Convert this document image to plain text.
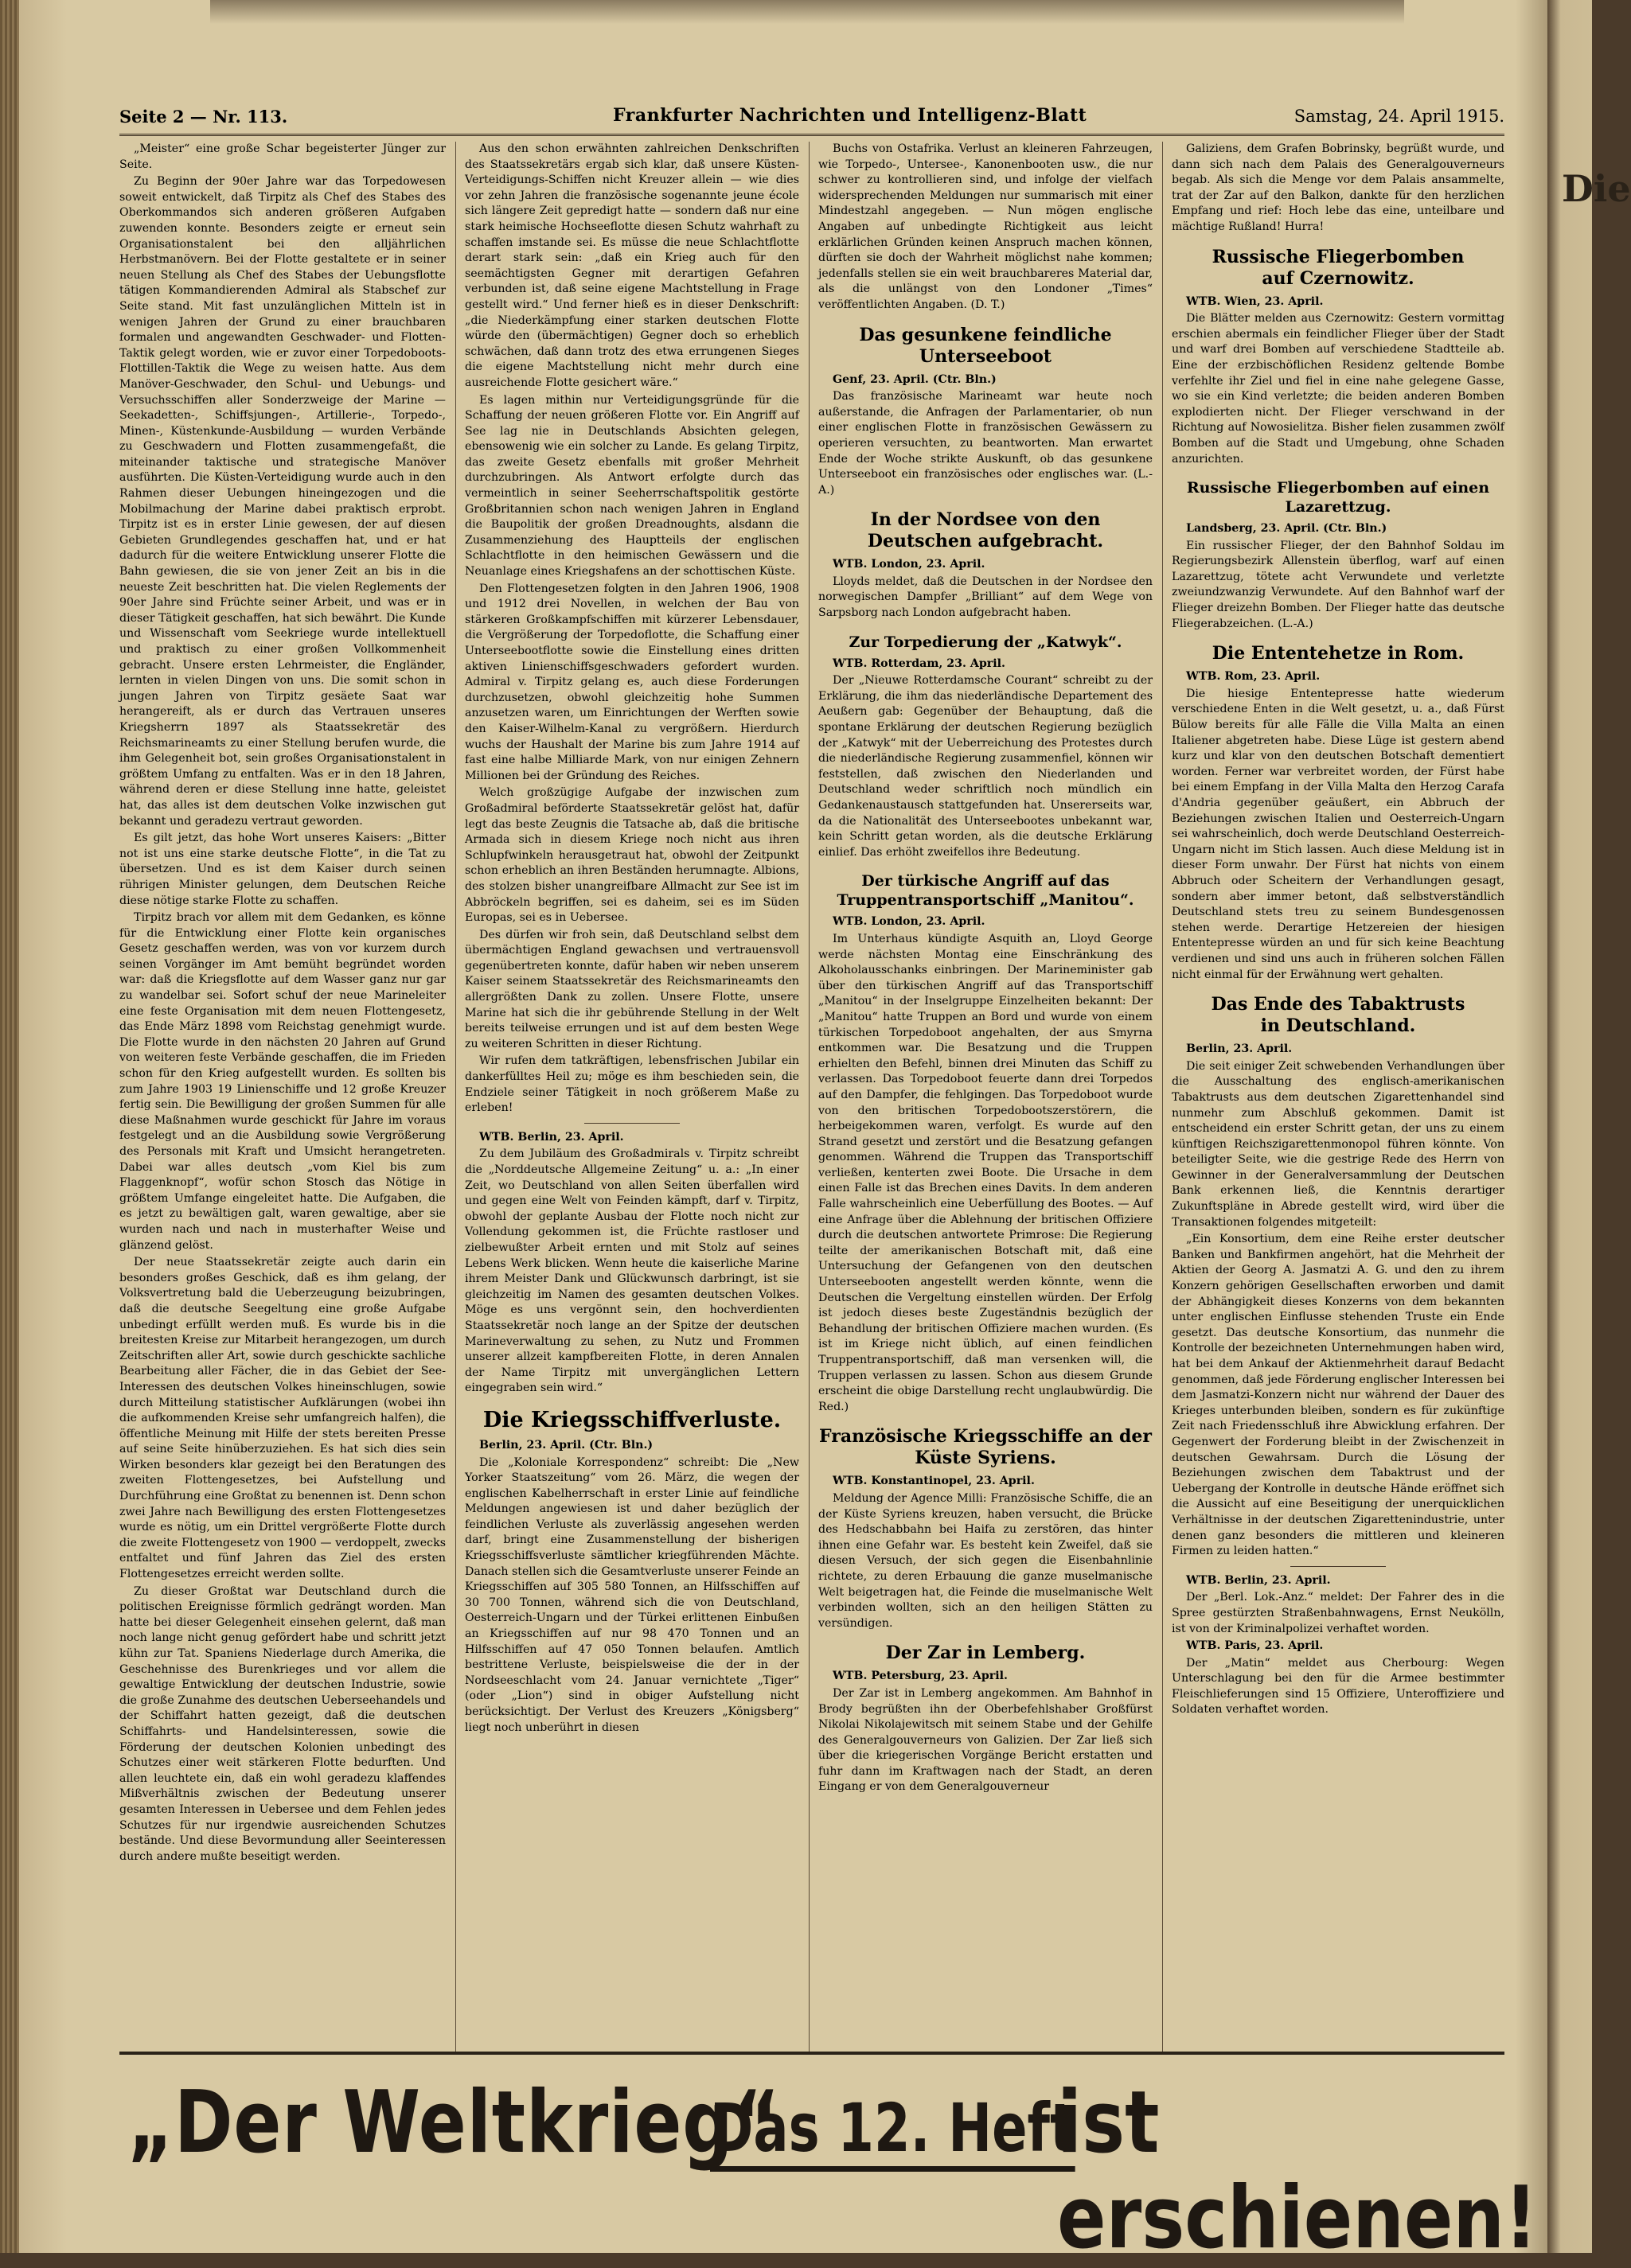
Die
Seite 2 — Nr. 113.	Frankfurter Nachrichten und Intelligenz-Blatt	Samstag, 24. April 1915.

„Meister“ eine große Schar begeisterter Jünger zur Seite.

Zu Beginn der 90er Jahre war das Torpedowesen soweit entwickelt, daß Tirpitz als Chef des Stabes des Oberkommandos sich anderen größeren Aufgaben zuwenden konnte. Besonders zeigte er erneut sein Organisationstalent bei den alljährlichen Herbstmanövern. Bei der Flotte gestaltete er in seiner neuen Stellung als Chef des Stabes der Uebungsflotte tätigen Kommandierenden Admiral als Stabschef zur Seite stand. Mit fast unzulänglichen Mitteln ist in wenigen Jahren der Grund zu einer brauchbaren formalen und angewandten Geschwader- und Flotten-Taktik gelegt worden, wie er zuvor einer Torpedoboots-Flottillen-Taktik die Wege zu weisen hatte. Aus dem Manöver-Geschwader, den Schul- und Uebungs- und Versuchsschiffen aller Sonderzweige der Marine — Seekadetten-, Schiffsjungen-, Artillerie-, Torpedo-, Minen-, Küstenkunde-Ausbildung — wurden Verbände zu Geschwadern und Flotten zusammengefaßt, die miteinander taktische und strategische Manöver ausführten. Die Küsten-Verteidigung wurde auch in den Rahmen dieser Uebungen hineingezogen und die Mobilmachung der Marine dabei praktisch erprobt. Tirpitz ist es in erster Linie gewesen, der auf diesen Gebieten Grundlegendes geschaffen hat, und er hat dadurch für die weitere Entwicklung unserer Flotte die Bahn gewiesen, die sie von jener Zeit an bis in die neueste Zeit beschritten hat. Die vielen Reglements der 90er Jahre sind Früchte seiner Arbeit, und was er in dieser Tätigkeit geschaffen, hat sich bewährt. Die Kunde und Wissenschaft vom Seekriege wurde intellektuell und praktisch zu einer großen Vollkommenheit gebracht. Unsere ersten Lehrmeister, die Engländer, lernten in vielen Dingen von uns. Die somit schon in jungen Jahren von Tirpitz gesäete Saat war herangereift, als er durch das Vertrauen unseres Kriegsherrn 1897 als Staatssekretär des Reichsmarineamts zu einer Stellung berufen wurde, die ihm Gelegenheit bot, sein großes Organisationstalent in größtem Umfang zu entfalten. Was er in den 18 Jahren, während deren er diese Stellung inne hatte, geleistet hat, das alles ist dem deutschen Volke inzwischen gut bekannt und geradezu vertraut geworden.

Es gilt jetzt, das hohe Wort unseres Kaisers: „Bitter not ist uns eine starke deutsche Flotte“, in die Tat zu übersetzen. Und es ist dem Kaiser durch seinen rührigen Minister gelungen, dem Deutschen Reiche diese nötige starke Flotte zu schaffen.

Tirpitz brach vor allem mit dem Gedanken, es könne für die Entwicklung einer Flotte kein organisches Gesetz geschaffen werden, was von vor kurzem durch seinen Vorgänger im Amt bemüht begründet worden war: daß die Kriegsflotte auf dem Wasser ganz nur gar zu wandelbar sei. Sofort schuf der neue Marineleiter eine feste Organisation mit dem neuen Flottengesetz, das Ende März 1898 vom Reichstag genehmigt wurde. Die Flotte wurde in den nächsten 20 Jahren auf Grund von weiteren feste Verbände geschaffen, die im Frieden schon für den Krieg aufgestellt wurden. Es sollten bis zum Jahre 1903 19 Linienschiffe und 12 große Kreuzer fertig sein. Die Bewilligung der großen Summen für alle diese Maßnahmen wurde geschickt für Jahre im voraus festgelegt und an die Ausbildung sowie Vergrößerung des Personals mit Kraft und Umsicht herangetreten. Dabei war alles deutsch „vom Kiel bis zum Flaggenknopf“, wofür schon Stosch das Nötige in größtem Umfange eingeleitet hatte. Die Aufgaben, die es jetzt zu bewältigen galt, waren gewaltige, aber sie wurden nach und nach in musterhafter Weise und glänzend gelöst.

Der neue Staatssekretär zeigte auch darin ein besonders großes Geschick, daß es ihm gelang, der Volksvertretung bald die Ueberzeugung beizubringen, daß die deutsche Seegeltung eine große Aufgabe unbedingt erfüllt werden muß. Es wurde bis in die breitesten Kreise zur Mitarbeit herangezogen, um durch Zeitschriften aller Art, sowie durch geschickte sachliche Bearbeitung aller Fächer, die in das Gebiet der See-Interessen des deutschen Volkes hineinschlugen, sowie durch Mitteilung statistischer Aufklärungen (wobei ihn die aufkommenden Kreise sehr umfangreich halfen), die öffentliche Meinung mit Hilfe der stets bereiten Presse auf seine Seite hinüberzuziehen. Es hat sich dies sein Wirken besonders klar gezeigt bei den Beratungen des zweiten Flottengesetzes, bei Aufstellung und Durchführung eine Großtat zu benennen ist. Denn schon zwei Jahre nach Bewilligung des ersten Flottengesetzes wurde es nötig, um ein Drittel vergrößerte Flotte durch die zweite Flottengesetz von 1900 — verdoppelt, zwecks entfaltet und fünf Jahren das Ziel des ersten Flottengesetzes erreicht werden sollte.

Zu dieser Großtat war Deutschland durch die politischen Ereignisse förmlich gedrängt worden. Man hatte bei dieser Gelegenheit einsehen gelernt, daß man noch lange nicht genug gefördert habe und schritt jetzt kühn zur Tat. Spaniens Niederlage durch Amerika, die Geschehnisse des Burenkrieges und vor allem die gewaltige Entwicklung der deutschen Industrie, sowie die große Zunahme des deutschen Ueberseehandels und der Schiffahrt hatten gezeigt, daß die deutschen Schiffahrts- und Handelsinteressen, sowie die Förderung der deutschen Kolonien unbedingt des Schutzes einer weit stärkeren Flotte bedurften. Und allen leuchtete ein, daß ein wohl geradezu klaffendes Mißverhältnis zwischen der Bedeutung unserer gesamten Interessen in Uebersee und dem Fehlen jedes Schutzes für nur irgendwie ausreichenden Schutzes bestände. Und diese Bevormundung aller Seeinteressen durch andere mußte beseitigt werden.

Aus den schon erwähnten zahlreichen Denkschriften des Staatssekretärs ergab sich klar, daß unsere Küsten-Verteidigungs-Schiffen nicht Kreuzer allein — wie dies vor zehn Jahren die französische sogenannte jeune école sich längere Zeit gepredigt hatte — sondern daß nur eine stark heimische Hochseeflotte diesen Schutz wahrhaft zu schaffen imstande sei. Es müsse die neue Schlachtflotte derart stark sein: „daß ein Krieg auch für den seemächtigsten Gegner mit derartigen Gefahren verbunden ist, daß seine eigene Machtstellung in Frage gestellt wird.“ Und ferner hieß es in dieser Denkschrift: „die Niederkämpfung einer starken deutschen Flotte würde den (übermächtigen) Gegner doch so erheblich schwächen, daß dann trotz des etwa errungenen Sieges die eigene Machtstellung nicht mehr durch eine ausreichende Flotte gesichert wäre.“

Es lagen mithin nur Verteidigungsgründe für die Schaffung der neuen größeren Flotte vor. Ein Angriff auf See lag nie in Deutschlands Absichten gelegen, ebensowenig wie ein solcher zu Lande. Es gelang Tirpitz, das zweite Gesetz ebenfalls mit großer Mehrheit durchzubringen. Als Antwort erfolgte durch das vermeintlich in seiner Seeherrschaftspolitik gestörte Großbritannien schon nach wenigen Jahren in England die Baupolitik der großen Dreadnoughts, alsdann die Zusammenziehung des Hauptteils der englischen Schlachtflotte in den heimischen Gewässern und die Neuanlage eines Kriegshafens an der schottischen Küste.

Den Flottengesetzen folgten in den Jahren 1906, 1908 und 1912 drei Novellen, in welchen der Bau von stärkeren Großkampfschiffen mit kürzerer Lebensdauer, die Vergrößerung der Torpedoflotte, die Schaffung einer Unterseebootflotte sowie die Einstellung eines dritten aktiven Linienschiffsgeschwaders gefordert wurden. Admiral v. Tirpitz gelang es, auch diese Forderungen durchzusetzen, obwohl gleichzeitig hohe Summen anzusetzen waren, um Einrichtungen der Werften sowie den Kaiser-Wilhelm-Kanal zu vergrößern. Hierdurch wuchs der Haushalt der Marine bis zum Jahre 1914 auf fast eine halbe Milliarde Mark, von nur einigen Zehnern Millionen bei der Gründung des Reiches.

Welch großzügige Aufgabe der inzwischen zum Großadmiral beförderte Staatssekretär gelöst hat, dafür legt das beste Zeugnis die Tatsache ab, daß die britische Armada sich in diesem Kriege noch nicht aus ihren Schlupfwinkeln herausgetraut hat, obwohl der Zeitpunkt schon erheblich an ihren Beständen herumnagte. Albions, des stolzen bisher unangreifbare Allmacht zur See ist im Abbröckeln begriffen, sei es daheim, sei es im Süden Europas, sei es in Uebersee.

Des dürfen wir froh sein, daß Deutschland selbst dem übermächtigen England gewachsen und vertrauensvoll gegenübertreten konnte, dafür haben wir neben unserem Kaiser seinem Staatssekretär des Reichsmarineamts den allergrößten Dank zu zollen. Unsere Flotte, unsere Marine hat sich die ihr gebührende Stellung in der Welt bereits teilweise errungen und ist auf dem besten Wege zu weiteren Schritten in dieser Richtung.

Wir rufen dem tatkräftigen, lebensfrischen Jubilar ein dankerfülltes Heil zu; möge es ihm beschieden sein, die Endziele seiner Tätigkeit in noch größerem Maße zu erleben!

WTB. Berlin, 23. April.

Zu dem Jubiläum des Großadmirals v. Tirpitz schreibt die „Norddeutsche Allgemeine Zeitung“ u. a.: „In einer Zeit, wo Deutschland von allen Seiten überfallen wird und gegen eine Welt von Feinden kämpft, darf v. Tirpitz, obwohl der geplante Ausbau der Flotte noch nicht zur Vollendung gekommen ist, die Früchte rastloser und zielbewußter Arbeit ernten und mit Stolz auf seines Lebens Werk blicken. Wenn heute die kaiserliche Marine ihrem Meister Dank und Glückwunsch darbringt, ist sie gleichzeitig im Namen des gesamten deutschen Volkes. Möge es uns vergönnt sein, den hochverdienten Staatssekretär noch lange an der Spitze der deutschen Marineverwaltung zu sehen, zu Nutz und Frommen unserer allzeit kampfbereiten Flotte, in deren Annalen der Name Tirpitz mit unvergänglichen Lettern eingegraben sein wird.“

Die Kriegsschiffverluste.

Berlin, 23. April. (Ctr. Bln.)

Die „Koloniale Korrespondenz“ schreibt: Die „New Yorker Staatszeitung“ vom 26. März, die wegen der englischen Kabelherrschaft in erster Linie auf feindliche Meldungen angewiesen ist und daher bezüglich der feindlichen Verluste als zuverlässig angesehen werden darf, bringt eine Zusammenstellung der bisherigen Kriegsschiffsverluste sämtlicher kriegführenden Mächte. Danach stellen sich die Gesamtverluste unserer Feinde an Kriegsschiffen auf 305 580 Tonnen, an Hilfsschiffen auf 30 700 Tonnen, während sich die von Deutschland, Oesterreich-Ungarn und der Türkei erlittenen Einbußen an Kriegsschiffen auf nur 98 470 Tonnen und an Hilfsschiffen auf 47 050 Tonnen belaufen. Amtlich bestrittene Verluste, beispielsweise die der in der Nordseeschlacht vom 24. Januar vernichtete „Tiger“ (oder „Lion“) sind in obiger Aufstellung nicht berücksichtigt. Der Verlust des Kreuzers „Königsberg“ liegt noch unberührt in diesen

Buchs von Ostafrika. Verlust an kleineren Fahrzeugen, wie Torpedo-, Untersee-, Kanonenbooten usw., die nur schwer zu kontrollieren sind, und infolge der vielfach widersprechenden Meldungen nur summarisch mit einer Mindestzahl angegeben. — Nun mögen englische Angaben auf unbedingte Richtigkeit aus leicht erklärlichen Gründen keinen Anspruch machen können, dürften sie doch der Wahrheit möglichst nahe kommen; jedenfalls stellen sie ein weit brauchbareres Material dar, als die unlängst von den Londoner „Times“ veröffentlichten Angaben. (D. T.)

Das gesunkene feindliche Unterseeboot

Genf, 23. April. (Ctr. Bln.)

Das französische Marineamt war heute noch außerstande, die Anfragen der Parlamentarier, ob nun einer englischen Flotte in französischen Gewässern zu operieren versuchten, zu beantworten. Man erwartet Ende der Woche strikte Auskunft, ob das gesunkene Unterseeboot ein französisches oder englisches war. (L.-A.)

In der Nordsee von den Deutschen aufgebracht.

WTB. London, 23. April.

Lloyds meldet, daß die Deutschen in der Nordsee den norwegischen Dampfer „Brilliant“ auf dem Wege von Sarpsborg nach London aufgebracht haben.

Zur Torpedierung der „Katwyk“.

WTB. Rotterdam, 23. April.

Der „Nieuwe Rotterdamsche Courant“ schreibt zu der Erklärung, die ihm das niederländische Departement des Aeußern gab: Gegenüber der Behauptung, daß die spontane Erklärung der deutschen Regierung bezüglich der „Katwyk“ mit der Ueberreichung des Protestes durch die niederländische Regierung zusammenfiel, können wir feststellen, daß zwischen den Niederlanden und Deutschland weder schriftlich noch mündlich ein Gedankenaustausch stattgefunden hat. Unsererseits war, da die Nationalität des Unterseebootes unbekannt war, kein Schritt getan worden, als die deutsche Erklärung einlief. Das erhöht zweifellos ihre Bedeutung.

Der türkische Angriff auf das Truppentransportschiff „Manitou“.

WTB. London, 23. April.

Im Unterhaus kündigte Asquith an, Lloyd George werde nächsten Montag eine Einschränkung des Alkoholausschanks einbringen. Der Marineminister gab über den türkischen Angriff auf das Transportschiff „Manitou“ in der Inselgruppe Einzelheiten bekannt: Der „Manitou“ hatte Truppen an Bord und wurde von einem türkischen Torpedoboot angehalten, der aus Smyrna entkommen war. Die Besatzung und die Truppen erhielten den Befehl, binnen drei Minuten das Schiff zu verlassen. Das Torpedoboot feuerte dann drei Torpedos auf den Dampfer, die fehlgingen. Das Torpedoboot wurde von den britischen Torpedobootszerstörern, die herbeigekommen waren, verfolgt. Es wurde auf den Strand gesetzt und zerstört und die Besatzung gefangen genommen. Während die Truppen das Transportschiff verließen, kenterten zwei Boote. Die Ursache in dem einen Falle ist das Brechen eines Davits. In dem anderen Falle wahrscheinlich eine Ueberfüllung des Bootes. — Auf eine Anfrage über die Ablehnung der britischen Offiziere durch die deutschen antwortete Primrose: Die Regierung teilte der amerikanischen Botschaft mit, daß eine Untersuchung der Gefangenen von den deutschen Unterseebooten angestellt werden könnte, wenn die Deutschen die Vergeltung einstellen würden. Der Erfolg ist jedoch dieses beste Zugeständnis bezüglich der Behandlung der britischen Offiziere machen wurden. (Es ist im Kriege nicht üblich, auf einen feindlichen Truppentransportschiff, daß man versenken will, die Truppen verlassen zu lassen. Schon aus diesem Grunde erscheint die obige Darstellung recht unglaubwürdig. Die Red.)

Französische Kriegsschiffe an der Küste Syriens.

WTB. Konstantinopel, 23. April.

Meldung der Agence Milli: Französische Schiffe, die an der Küste Syriens kreuzen, haben versucht, die Brücke des Hedschabbahn bei Haifa zu zerstören, das hinter ihnen eine Gefahr war. Es besteht kein Zweifel, daß sie diesen Versuch, der sich gegen die Eisenbahnlinie richtete, zu deren Erbauung die ganze muselmanische Welt beigetragen hat, die Feinde die muselmanische Welt verbinden wollten, sich an den heiligen Stätten zu versündigen.

Der Zar in Lemberg.

WTB. Petersburg, 23. April.

Der Zar ist in Lemberg angekommen. Am Bahnhof in Brody begrüßten ihn der Oberbefehlshaber Großfürst Nikolai Nikolajewitsch mit seinem Stabe und der Gehilfe des Generalgouverneurs von Galizien. Der Zar ließ sich über die kriegerischen Vorgänge Bericht erstatten und fuhr dann im Kraftwagen nach der Stadt, an deren Eingang er von dem Generalgouverneur

Galiziens, dem Grafen Bobrinsky, begrüßt wurde, und dann sich nach dem Palais des Generalgouverneurs begab. Als sich die Menge vor dem Palais ansammelte, trat der Zar auf den Balkon, dankte für den herzlichen Empfang und rief: Hoch lebe das eine, unteilbare und mächtige Rußland! Hurra!

Russische Fliegerbomben
auf Czernowitz.

WTB. Wien, 23. April.

Die Blätter melden aus Czernowitz: Gestern vormittag erschien abermals ein feindlicher Flieger über der Stadt und warf drei Bomben auf verschiedene Stadtteile ab. Eine der erzbischöflichen Residenz geltende Bombe verfehlte ihr Ziel und fiel in eine nahe gelegene Gasse, wo sie ein Kind verletzte; die beiden anderen Bomben explodierten nicht. Der Flieger verschwand in der Richtung auf Nowosielitza. Bisher fielen zusammen zwölf Bomben auf die Stadt und Umgebung, ohne Schaden anzurichten.

Russische Fliegerbomben auf einen Lazarettzug.

Landsberg, 23. April. (Ctr. Bln.)

Ein russischer Flieger, der den Bahnhof Soldau im Regierungsbezirk Allenstein überflog, warf auf einen Lazarettzug, tötete acht Verwundete und verletzte zweiundzwanzig Verwundete. Auf den Bahnhof warf der Flieger dreizehn Bomben. Der Flieger hatte das deutsche Fliegerabzeichen. (L.-A.)

Die Ententehetze in Rom.

WTB. Rom, 23. April.

Die hiesige Ententepresse hatte wiederum verschiedene Enten in die Welt gesetzt, u. a., daß Fürst Bülow bereits für alle Fälle die Villa Malta an einen Italiener abgetreten habe. Diese Lüge ist gestern abend kurz und klar von den deutschen Botschaft dementiert worden. Ferner war verbreitet worden, der Fürst habe bei einem Empfang in der Villa Malta den Herzog Carafa d'Andria gegenüber geäußert, ein Abbruch der Beziehungen zwischen Italien und Oesterreich-Ungarn sei wahrscheinlich, doch werde Deutschland Oesterreich-Ungarn nicht im Stich lassen. Auch diese Meldung ist in dieser Form unwahr. Der Fürst hat nichts von einem Abbruch oder Scheitern der Verhandlungen gesagt, sondern aber immer betont, daß selbstverständlich Deutschland stets treu zu seinem Bundesgenossen stehen werde. Derartige Hetzereien der hiesigen Ententepresse würden an und für sich keine Beachtung verdienen und sind uns auch in früheren solchen Fällen nicht einmal für der Erwähnung wert gehalten.

Das Ende des Tabaktrusts
in Deutschland.

Berlin, 23. April.

Die seit einiger Zeit schwebenden Verhandlungen über die Ausschaltung des englisch-amerikanischen Tabaktrusts aus dem deutschen Zigarettenhandel sind nunmehr zum Abschluß gekommen. Damit ist entscheidend ein erster Schritt getan, der uns zu einem künftigen Reichszigarettenmonopol führen könnte. Von beteiligter Seite, wie die gestrige Rede des Herrn von Gewinner in der Generalversammlung der Deutschen Bank erkennen ließ, die Kenntnis derartiger Zukunftspläne in Abrede gestellt wird, wird über die Transaktionen folgendes mitgeteilt:

„Ein Konsortium, dem eine Reihe erster deutscher Banken und Bankfirmen angehört, hat die Mehrheit der Aktien der Georg A. Jasmatzi A. G. und den zu ihrem Konzern gehörigen Gesellschaften erworben und damit der Abhängigkeit dieses Konzerns von dem bekannten unter englischen Einflusse stehenden Truste ein Ende gesetzt. Das deutsche Konsortium, das nunmehr die Kontrolle der bezeichneten Unternehmungen haben wird, hat bei dem Ankauf der Aktienmehrheit darauf Bedacht genommen, daß jede Förderung englischer Interessen bei dem Jasmatzi-Konzern nicht nur während der Dauer des Krieges unterbunden bleiben, sondern es für zukünftige Zeit nach Friedensschluß ihre Abwicklung erfahren. Der Gegenwert der Forderung bleibt in der Zwischenzeit in deutschen Gewahrsam. Durch die Lösung der Beziehungen zwischen dem Tabaktrust und der Uebergang der Kontrolle in deutsche Hände eröffnet sich die Aussicht auf eine Beseitigung der unerquicklichen Verhältnisse in der deutschen Zigarettenindustrie, unter denen ganz besonders die mittleren und kleineren Firmen zu leiden hatten.“

WTB. Berlin, 23. April.

Der „Berl. Lok.-Anz.“ meldet: Der Fahrer des in die Spree gestürzten Straßenbahnwagens, Ernst Neukölln, ist von der Kriminalpolizei verhaftet worden.

WTB. Paris, 23. April.

Der „Matin“ meldet aus Cherbourg: Wegen Unterschlagung bei den für die Armee bestimmter Fleischlieferungen sind 15 Offiziere, Unteroffiziere und Soldaten verhaftet worden.

„Der Weltkrieg“
Das 12. Heft
ist erschienen!
